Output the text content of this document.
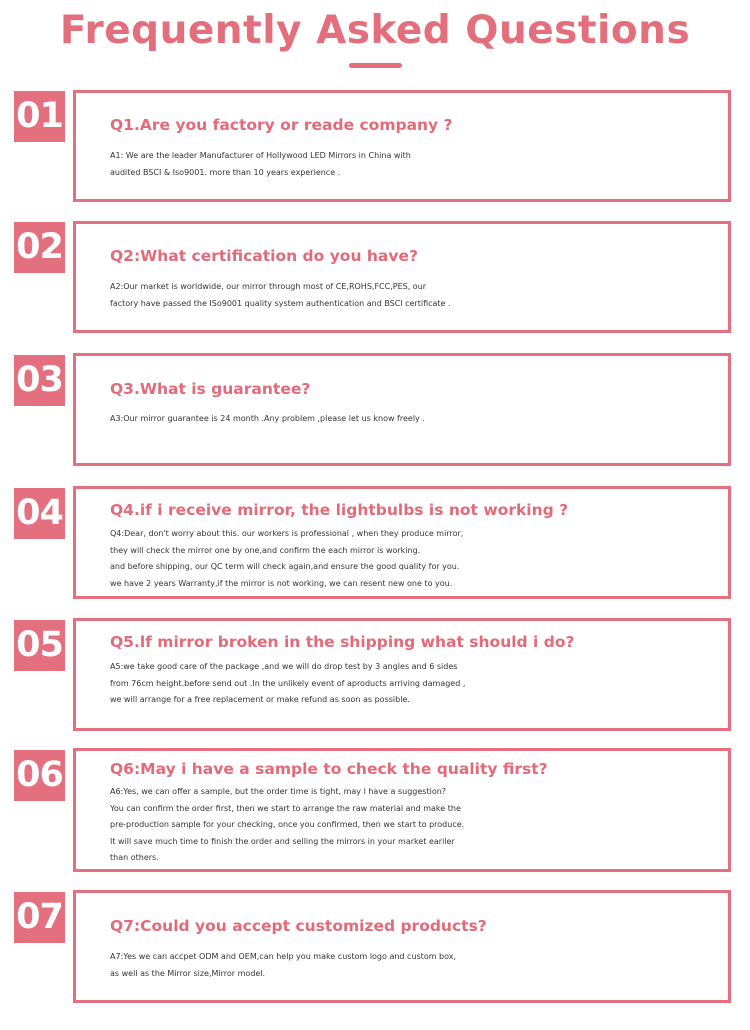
Frequently Asked Questions
01	Q1.Are you factory or reade company ?
A1: We are the leader Manufacturer of Hollywood LED Mirrors in China with
audited BSCI & Iso9001. more than 10 years experience .
02	Q2:What certification do you have?
A2:Our market is worldwide, our mirror through most of CE,ROHS,FCC,PES, our
factory have passed the ISo9001 quality system authentication and BSCl certificate .
03	Q3.What is guarantee?
A3:Our mirror guarantee is 24 month .Any problem ,please let us know freely .
04	Q4.if i receive mirror, the lightbulbs is not working ?
Q4:Dear, don't worry about this. our workers is professional , when they produce mirror,
they will check the mirror one by one,and confirm the each mirror is working.
and before shipping, our QC term will check again,and ensure the good quality for you.
we have 2 years Warranty,if the mirror is not working, we can resent new one to you.
05	Q5.lf mirror broken in the shipping what should i do?
A5:we take good care of the package ,and we will do drop test by 3 angles and 6 sides
from 76cm height.before send out .In the unlikely event of aproducts arriving damaged ,
we will arrange for a free replacement or make refund as soon as possible.
06	Q6:May i have a sample to check the quality first?
A6:Yes, we can offer a sample, but the order time is tight, may l have a suggestion?
You can confirm the order first, then we start to arrange the raw material and make the
pre-production sample for your checking, once you confirmed, then we start to produce.
It will save much time to finish the order and selling the mirrors in your market eariler
than others.
07	Q7:Could you accept customized products?
A7:Yes we can accpet ODM and OEM,can help you make custom logo and custom box,
as well as the Mirror size,Mirror model.
